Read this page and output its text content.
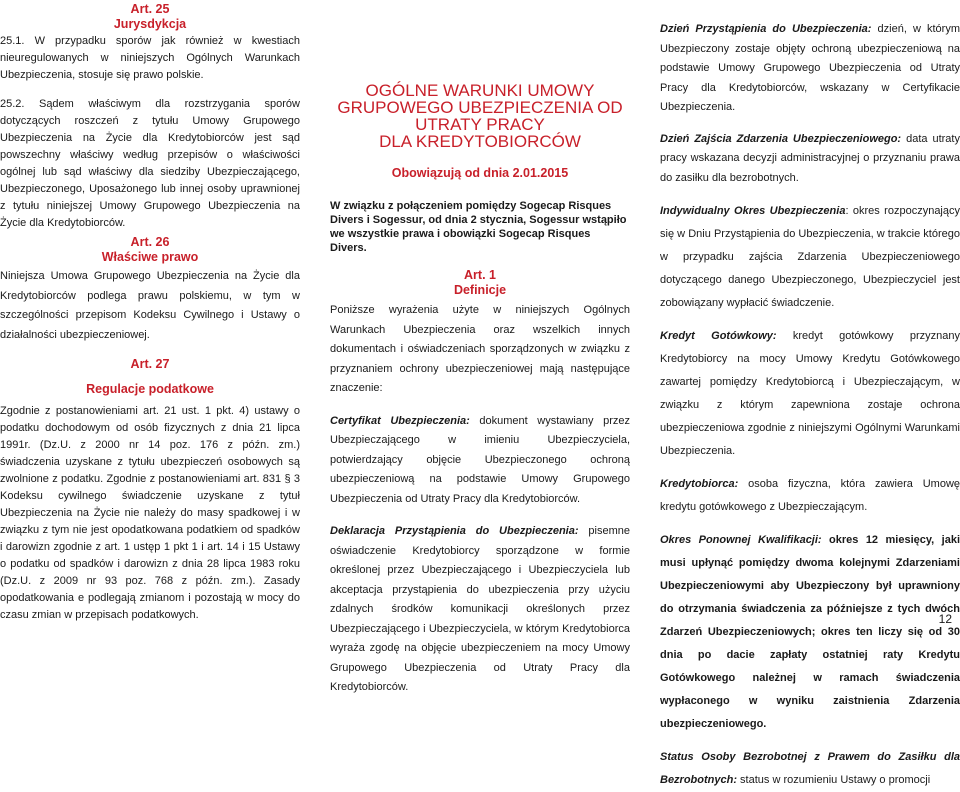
Art. 25
Jurysdykcja

25.1. W przypadku sporów jak również w kwestiach nieuregulowanych w niniejszych Ogólnych Warunkach Ubezpieczenia, stosuje się prawo polskie.

25.2. Sądem właściwym dla rozstrzygania sporów dotyczących roszczeń z tytułu Umowy Grupowego Ubezpieczenia na Życie dla Kredytobiorców jest sąd powszechny właściwy według przepisów o właściwości ogólnej lub sąd właściwy dla siedziby Ubezpieczającego, Ubezpieczonego, Uposażonego lub innej osoby uprawnionej z tytułu niniejszej Umowy Grupowego Ubezpieczenia na Życie dla Kredytobiorców.

Art. 26
Właściwe prawo

Niniejsza Umowa Grupowego Ubezpieczenia na Życie dla Kredytobiorców podlega prawu polskiemu, w tym w szczególności przepisom Kodeksu Cywilnego i Ustawy o działalności ubezpieczeniowej.

Art. 27
Regulacje podatkowe

Zgodnie z postanowieniami art. 21 ust. 1 pkt. 4) ustawy o podatku dochodowym od osób fizycznych z dnia 21 lipca 1991r. (Dz.U. z 2000 nr 14 poz. 176 z późn. zm.) świadczenia uzyskane z tytułu ubezpieczeń osobowych są zwolnione z podatku. Zgodnie z postanowieniami art. 831 § 3 Kodeksu cywilnego świadczenie uzyskane z tytuł Ubezpieczenia na Życie nie należy do masy spadkowej i w związku z tym nie jest opodatkowana podatkiem od spadków i darowizn zgodnie z art. 1 ustęp 1 pkt 1 i art. 14 i 15 Ustawy o podatku od spadków i darowizn z dnia 28 lipca 1983 roku (Dz.U. z 2009 nr 93 poz. 768 z późn. zm.). Zasady opodatkowania e podlegają zmianom i pozostają w mocy do czasu zmian w przepisach podatkowych.

OGÓLNE WARUNKI UMOWY
GRUPOWEGO UBEZPIECZENIA OD
UTRATY PRACY
DLA KREDYTOBIORCÓW
Obowiązują od dnia 2.01.2015

W związku z połączeniem pomiędzy Sogecap Risques Divers i Sogessur, od dnia 2 stycznia, Sogessur wstąpiło we wszystkie prawa i obowiązki Sogecap Risques Divers.

Art. 1
Definicje

Poniższe wyrażenia użyte w niniejszych Ogólnych Warunkach Ubezpieczenia oraz wszelkich innych dokumentach i oświadczeniach sporządzonych w związku z przyznaniem ochrony ubezpieczeniowej mają następujące znaczenie:

Certyfikat Ubezpieczenia: dokument wystawiany przez Ubezpieczającego w imieniu Ubezpieczyciela, potwierdzający objęcie Ubezpieczonego ochroną ubezpieczeniową na podstawie Umowy Grupowego Ubezpieczenia od Utraty Pracy dla Kredytobiorców.

Deklaracja Przystąpienia do Ubezpieczenia: pisemne oświadczenie Kredytobiorcy sporządzone w formie określonej przez Ubezpieczającego i Ubezpieczyciela lub akceptacja przystąpienia do ubezpieczenia przy użyciu zdalnych środków komunikacji określonych przez Ubezpieczającego i Ubezpieczyciela, w którym Kredytobiorca wyraża zgodę na objęcie ubezpieczeniem na mocy Umowy Grupowego Ubezpieczenia od Utraty Pracy dla Kredytobiorców.

Dzień Przystąpienia do Ubezpieczenia: dzień, w którym Ubezpieczony zostaje objęty ochroną ubezpieczeniową na podstawie Umowy Grupowego Ubezpieczenia od Utraty Pracy dla Kredytobiorców, wskazany w Certyfikacie Ubezpieczenia.

Dzień Zajścia Zdarzenia Ubezpieczeniowego: data utraty pracy wskazana decyzji administracyjnej o przyznaniu prawa do zasiłku dla bezrobotnych.

Indywidualny Okres Ubezpieczenia: okres rozpoczynający się w Dniu Przystąpienia do Ubezpieczenia, w trakcie którego w przypadku zajścia Zdarzenia Ubezpieczeniowego dotyczącego danego Ubezpieczonego, Ubezpieczyciel jest zobowiązany wypłacić świadczenie.

Kredyt Gotówkowy: kredyt gotówkowy przyznany Kredytobiorcy na mocy Umowy Kredytu Gotówkowego zawartej pomiędzy Kredytobiorcą i Ubezpieczającym, w związku z którym zapewniona zostaje ochrona ubezpieczeniowa zgodnie z niniejszymi Ogólnymi Warunkami Ubezpieczenia.

Kredytobiorca: osoba fizyczna, która zawiera Umowę kredytu gotówkowego z Ubezpieczającym.

Okres Ponownej Kwalifikacji: okres 12 miesięcy, jaki musi upłynąć pomiędzy dwoma kolejnymi Zdarzeniami Ubezpieczeniowymi aby Ubezpieczony był uprawniony do otrzymania świadczenia za późniejsze z tych dwóch Zdarzeń Ubezpieczeniowych; okres ten liczy się od 30 dnia po dacie zapłaty ostatniej raty Kredytu Gotówkowego należnej w ramach świadczenia wypłaconego w wyniku zaistnienia Zdarzenia ubezpieczeniowego.

Status Osoby Bezrobotnej z Prawem do Zasiłku dla Bezrobotnych: status w rozumieniu Ustawy o promocji

12
